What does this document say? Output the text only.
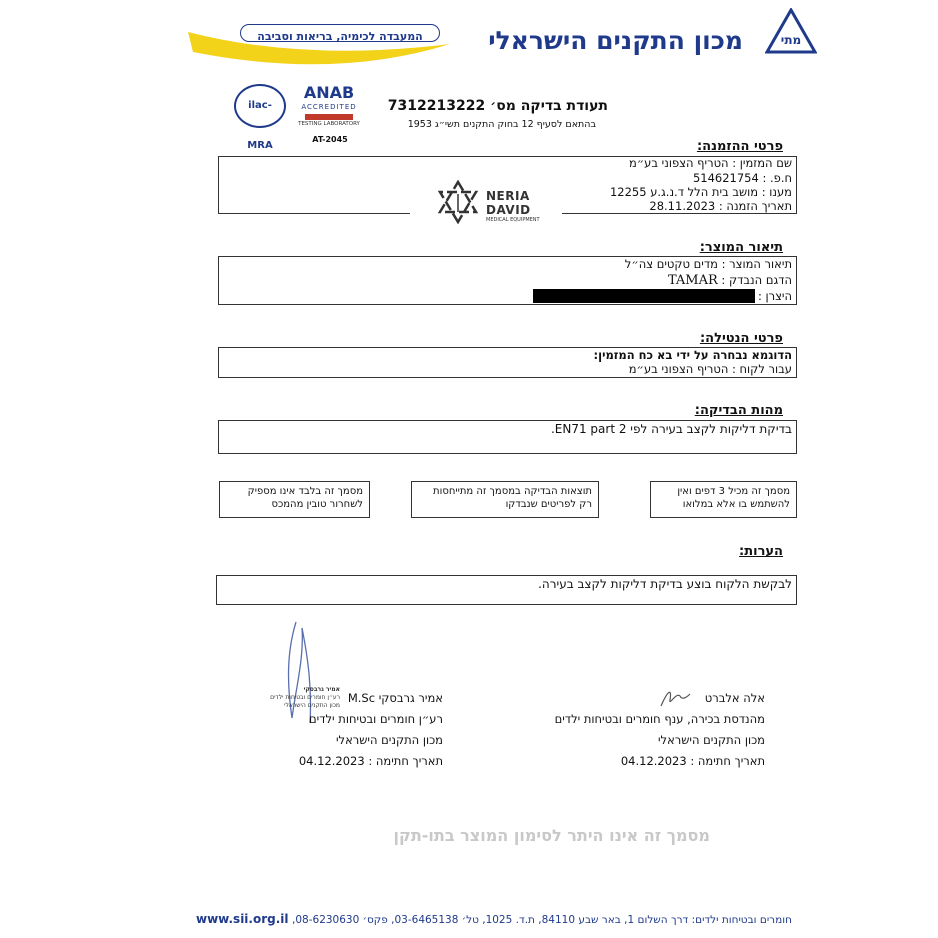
המעבדה לכימיה, בריאות וסביבה	מכון התקנים הישראלי	מתי
ilac-MRA
ANAB
ACCREDITED
TESTING LABORATORY
AT-2045
תעודת בדיקה מס׳ 7312213222
בהתאם לסעיף 12 בחוק התקנים תשי״ג 1953
פרטי ההזמנה:
שם המזמין : הטריף הצפוני בע״מ
ח.פ. : 514621754
מענו : מושב בית הלל ד.נ.ג.ע 12255
תאריך הזמנה : 28.11.2023
NERIA
DAVID
MEDICAL EQUIPMENT
תיאור המוצר:
תיאור המוצר : מדים טקטים צה״ל
הדגם הנבדק : TAMAR
היצרן :
פרטי הנטילה:
הדוגמא נבחרה על ידי בא כח המזמין:
עבור לקוח : הטריף הצפוני בע״מ
מהות הבדיקה:
בדיקת דליקות לקצב בעירה לפי EN71 part 2.
מסמך זה מכיל 3 דפים ואין להשתמש בו אלא במלואו
תוצאות הבדיקה במסמך זה מתייחסות רק לפריטים שנבדקו
מסמך זה בלבד אינו מספיק לשחרור טובין מהמכס
הערות:
לבקשת הלקוח בוצע בדיקת דליקות לקצב בעירה.
אלה אלברט
מהנדסת בכירה, ענף חומרים ובטיחות ילדים
מכון התקנים הישראלי
תאריך חתימה : 04.12.2023
אמיר גרבסקי
רע״ן חומרים ובטיחות ילדים
מכון התקנים הישראלי
אמיר גרבסקי M.Sc
רע״ן חומרים ובטיחות ילדים
מכון התקנים הישראלי
תאריך חתימה : 04.12.2023
מסמך זה אינו היתר לסימון המוצר בתו-תקן
www.sii.org.il חומרים ובטיחות ילדים: דרך השלום 1, באר שבע 84110, ת.ד. 1025, טל׳ 03-6465138, פקס׳ 08-6230630,
